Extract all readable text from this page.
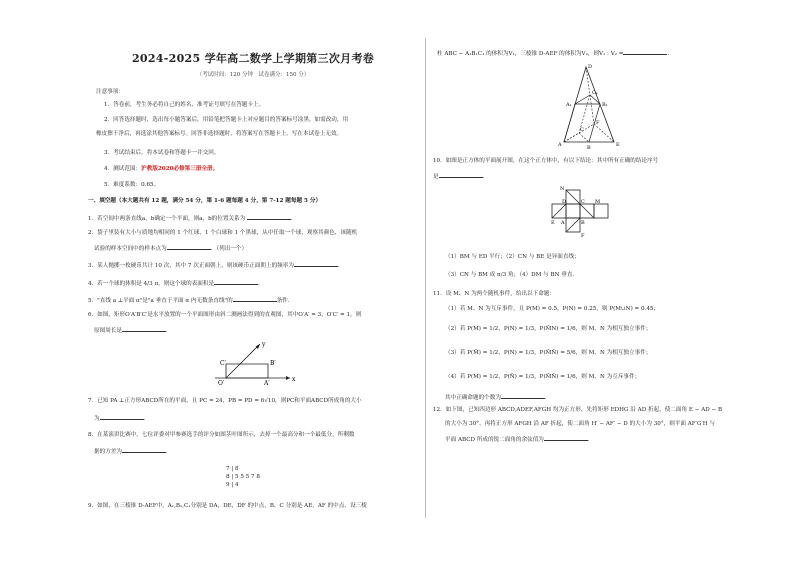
2024-2025 学年高二数学上学期第三次月考卷
（考试时间：120 分钟　试卷满分：150 分）
注意事项：
1．答卷前，考生务必将自己的姓名、准考证号填写在答题卡上。
2．回答选择题时，选出每小题答案后，用铅笔把答题卡上对应题目的答案标号涂黑。如需改动，用
橡皮擦干净后，再选涂其他答案标号。回答非选择题时，将答案写在答题卡上。写在本试卷上无效。
3．考试结束后，将本试卷和答题卡一并交回。
4．测试范围：沪教版2020必修第三册全册。
5．难度系数：0.65。
一、填空题（本大题共有 12 题，满分 54 分，第 1-6 题每题 4 分，第 7-12 题每题 5 分）
1．若空间中两条直线a，b确定一个平面，则a，b的位置关系为	．
2．袋子里装有大小与质地均相同的 1 个红球、1 个白球和 1 个黑球，从中任取一个球，观察其颜色，该随机
试验的样本空间中的样本点为	．（列出一个）
3．某人抛掷一枚硬币共计 10 次，其中 7 次正面朝上，则该硬币正面朝上的频率为	．
4．若一个球的体积是 4/3 π，则这个球的表面积是	．
5．"直线 a ⊥平面 α"是"a 垂直于平面 α 内无数条直线"的	条件．
6．如图，矩形O′A′B′C′是水平放置的一个平面图形由斜二测画法得到的直观图，其中O′A′ = 3，O′C′ = 1，则
原图周长是	．
C′	B′
O′	A′
x
y
7．已知 PA ⊥正方形ABCD所在的平面，且 PC = 24，PB = PD = 6√10，则PC和平面ABCD所成角的大小
为	．
8．在某演讲比赛中，七位评委对甲参赛选手的评分如图茎叶图所示，去掉一个最高分和一个最低分，所剩数
据的方差为	．
7 | 8
8 | 5 5 5 7 8
9 | 4
9．如图，在三棱锥 D-AEF中，A₁,B₁,C₁分别是 DA，DE，DF 的中点，B，C 分别是 AE，AF 的中点，设三棱
柱 ABC − A₁B₁C₁ 的体积为V₁，三棱锥 D-AEF 的体积为V₂，则V₁ : V₂ =	．
D
A₁	B₁
C₁
A	B
C
E
F
10．如图是正方体的平面展开图，在这个正方体中，有以下结论：其中所有正确的结论序号
是	．
N
D	C M
A
E	B
F
（1）BM 与 ED 平行；（2）CN 与 BE 是异面直线；
（3）CN 与 BM 成 π/3 角；（4）DM 与 BN 垂直．
11．设 M、N 为两个随机事件，给出以下命题：
（1）若 M、N 为互斥事件，且 P(M) = 0.5，P(N) = 0.25，则 P(M∪N) = 0.45；
（2）若 P(M) = 1/2，P(N) = 1/3，P(M̄N) = 1/6，则 M、N 为相互独立事件；
（3）若 P(M̄) = 1/2，P(N) = 1/3，P(M̄N̄) = 5/6，则 M、N 为相互独立事件；
（4）若 P(M) = 1/2，P(N̄) = 1/3，P(M̄N̄) = 1/6，则 M、N 为互斥事件；
其中正确命题的个数为	．
12．如下图，已知四边形 ABCD,ADEF,AFGH 均为正方形，先将矩形 EDHG 沿 AD 折起，使二面角 E − AD − B
的大小为 30°，再将正方形 AFGH 沿 AF 折起，使二面角 H′ − AF′ − D 的大小为 30°，则平面 AF′G′H 与
平面 ABCD 所成的锐二面角的余弦值为	．
